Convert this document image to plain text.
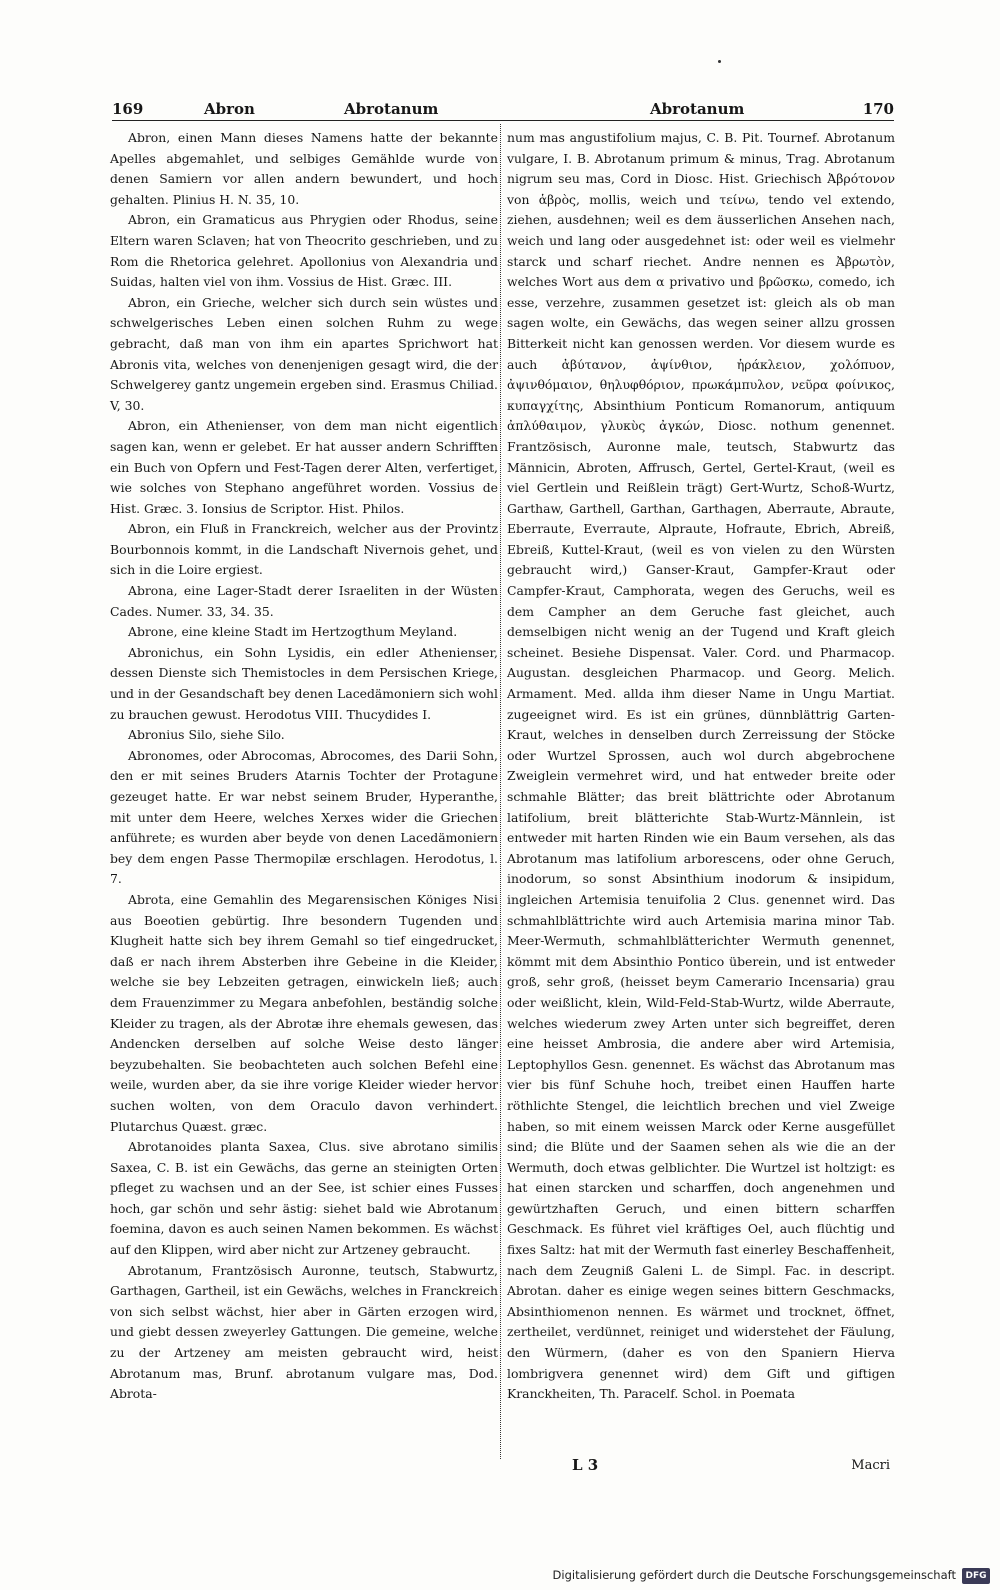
169	Abron	Abrotanum	Abrotanum	170

Abron, einen Mann dieses Namens hatte der bekannte Apelles abgemahlet, und selbiges Gemählde wurde von denen Samiern vor allen andern bewundert, und hoch gehalten. Plinius H. N. 35, 10.

Abron, ein Gramaticus aus Phrygien oder Rhodus, seine Eltern waren Sclaven; hat von Theocrito geschrieben, und zu Rom die Rhetorica gelehret. Apollonius von Alexandria und Suidas, halten viel von ihm. Vossius de Hist. Græc. III.

Abron, ein Grieche, welcher sich durch sein wüstes und schwelgerisches Leben einen solchen Ruhm zu wege gebracht, daß man von ihm ein apartes Sprichwort hat Abronis vita, welches von denenjenigen gesagt wird, die der Schwelgerey gantz ungemein ergeben sind. Erasmus Chiliad. V, 30.

Abron, ein Athenienser, von dem man nicht eigentlich sagen kan, wenn er gelebet. Er hat ausser andern Schrifften ein Buch von Opfern und Fest-Tagen derer Alten, verfertiget, wie solches von Stephano angeführet worden. Vossius de Hist. Græc. 3. Ionsius de Scriptor. Hist. Philos.

Abron, ein Fluß in Franckreich, welcher aus der Provintz Bourbonnois kommt, in die Landschaft Nivernois gehet, und sich in die Loire ergiest.

Abrona, eine Lager-Stadt derer Israeliten in der Wüsten Cades. Numer. 33, 34. 35.

Abrone, eine kleine Stadt im Hertzogthum Meyland.

Abronichus, ein Sohn Lysidis, ein edler Athenienser, dessen Dienste sich Themistocles in dem Persischen Kriege, und in der Gesandschaft bey denen Lacedämoniern sich wohl zu brauchen gewust. Herodotus VIII. Thucydides I.

Abronius Silo, siehe Silo.

Abronomes, oder Abrocomas, Abrocomes, des Darii Sohn, den er mit seines Bruders Atarnis Tochter der Protagune gezeuget hatte. Er war nebst seinem Bruder, Hyperanthe, mit unter dem Heere, welches Xerxes wider die Griechen anführete; es wurden aber beyde von denen Lacedämoniern bey dem engen Passe Thermopilæ erschlagen. Herodotus, l. 7.

Abrota, eine Gemahlin des Megarensischen Königes Nisi aus Boeotien gebürtig. Ihre besondern Tugenden und Klugheit hatte sich bey ihrem Gemahl so tief eingedrucket, daß er nach ihrem Absterben ihre Gebeine in die Kleider, welche sie bey Lebzeiten getragen, einwickeln ließ; auch dem Frauenzimmer zu Megara anbefohlen, beständig solche Kleider zu tragen, als der Abrotæ ihre ehemals gewesen, das Andencken derselben auf solche Weise desto länger beyzubehalten. Sie beobachteten auch solchen Befehl eine weile, wurden aber, da sie ihre vorige Kleider wieder hervor suchen wolten, von dem Oraculo davon verhindert. Plutarchus Quæst. græc.

Abrotanoides planta Saxea, Clus. sive abrotano similis Saxea, C. B. ist ein Gewächs, das gerne an steinigten Orten pfleget zu wachsen und an der See, ist schier eines Fusses hoch, gar schön und sehr ästig: siehet bald wie Abrotanum foemina, davon es auch seinen Namen bekommen. Es wächst auf den Klippen, wird aber nicht zur Artzeney gebraucht.

Abrotanum, Frantzösisch Auronne, teutsch, Stabwurtz, Garthagen, Gartheil, ist ein Gewächs, welches in Franckreich von sich selbst wächst, hier aber in Gärten erzogen wird, und giebt dessen zweyerley Gattungen. Die gemeine, welche zu der Artzeney am meisten gebraucht wird, heist Abrotanum mas, Brunf. abrotanum vulgare mas, Dod. Abrota-

num mas angustifolium majus, C. B. Pit. Tournef. Abrotanum vulgare, I. B. Abrotanum primum & minus, Trag. Abrotanum nigrum seu mas, Cord in Diosc. Hist. Griechisch Ἀβρότονον von ἁβρὸς, mollis, weich und τείνω, tendo vel extendo, ziehen, ausdehnen; weil es dem äusserlichen Ansehen nach, weich und lang oder ausgedehnet ist: oder weil es vielmehr starck und scharf riechet. Andre nennen es Ἀβρωτὸν, welches Wort aus dem α privativo und βρῶσκω, comedo, ich esse, verzehre, zusammen gesetzet ist: gleich als ob man sagen wolte, ein Gewächs, das wegen seiner allzu grossen Bitterkeit nicht kan genossen werden. Vor diesem wurde es auch ἀβύτανον, ἀψίνθιον, ἡράκλειον, χολόπυον, ἀψινθόμαιον, θηλυφθόριον, πρωκάμπυλον, νεῦρα φοίνικος, κυπαγχίτης, Absinthium Ponticum Romanorum, antiquum ἀπλύθαιμον, γλυκὺς ἀγκών, Diosc. nothum genennet. Frantzösisch, Auronne male, teutsch, Stabwurtz das Männicin, Abroten, Affrusch, Gertel, Gertel-Kraut, (weil es viel Gertlein und Reißlein trägt) Gert-Wurtz, Schoß-Wurtz, Garthaw, Garthell, Garthan, Garthagen, Aberraute, Abraute, Eberraute, Everraute, Alpraute, Hofraute, Ebrich, Abreiß, Ebreiß, Kuttel-Kraut, (weil es von vielen zu den Würsten gebraucht wird,) Ganser-Kraut, Gampfer-Kraut oder Campfer-Kraut, Camphorata, wegen des Geruchs, weil es dem Campher an dem Geruche fast gleichet, auch demselbigen nicht wenig an der Tugend und Kraft gleich scheinet. Besiehe Dispensat. Valer. Cord. und Pharmacop. Augustan. desgleichen Pharmacop. und Georg. Melich. Armament. Med. allda ihm dieser Name in Ungu Martiat. zugeeignet wird. Es ist ein grünes, dünnblättrig Garten-Kraut, welches in denselben durch Zerreissung der Stöcke oder Wurtzel Sprossen, auch wol durch abgebrochene Zweiglein vermehret wird, und hat entweder breite oder schmahle Blätter; das breit blättrichte oder Abrotanum latifolium, breit blätterichte Stab-Wurtz-Männlein, ist entweder mit harten Rinden wie ein Baum versehen, als das Abrotanum mas latifolium arborescens, oder ohne Geruch, inodorum, so sonst Absinthium inodorum & insipidum, ingleichen Artemisia tenuifolia 2 Clus. genennet wird. Das schmahlblättrichte wird auch Artemisia marina minor Tab. Meer-Wermuth, schmahlblätterichter Wermuth genennet, kömmt mit dem Absinthio Pontico überein, und ist entweder groß, sehr groß, (heisset beym Camerario Incensaria) grau oder weißlicht, klein, Wild-Feld-Stab-Wurtz, wilde Aberraute, welches wiederum zwey Arten unter sich begreiffet, deren eine heisset Ambrosia, die andere aber wird Artemisia, Leptophyllos Gesn. genennet. Es wächst das Abrotanum mas vier bis fünf Schuhe hoch, treibet einen Hauffen harte röthlichte Stengel, die leichtlich brechen und viel Zweige haben, so mit einem weissen Marck oder Kerne ausgefüllet sind; die Blüte und der Saamen sehen als wie die an der Wermuth, doch etwas gelblichter. Die Wurtzel ist holtzigt: es hat einen starcken und scharffen, doch angenehmen und gewürtzhaften Geruch, und einen bittern scharffen Geschmack. Es führet viel kräftiges Oel, auch flüchtig und fixes Saltz: hat mit der Wermuth fast einerley Beschaffenheit, nach dem Zeugniß Galeni L. de Simpl. Fac. in descript. Abrotan. daher es einige wegen seines bittern Geschmacks, Absinthiomenon nennen. Es wärmet und trocknet, öffnet, zertheilet, verdünnet, reiniget und widerstehet der Fäulung, den Würmern, (daher es von den Spaniern Hierva lombrigvera genennet wird) dem Gift und giftigen Kranckheiten, Th. Paracelf. Schol. in Poemata

L 3	Macri
Digitalisierung gefördert durch die Deutsche Forschungsgemeinschaft	DFG
